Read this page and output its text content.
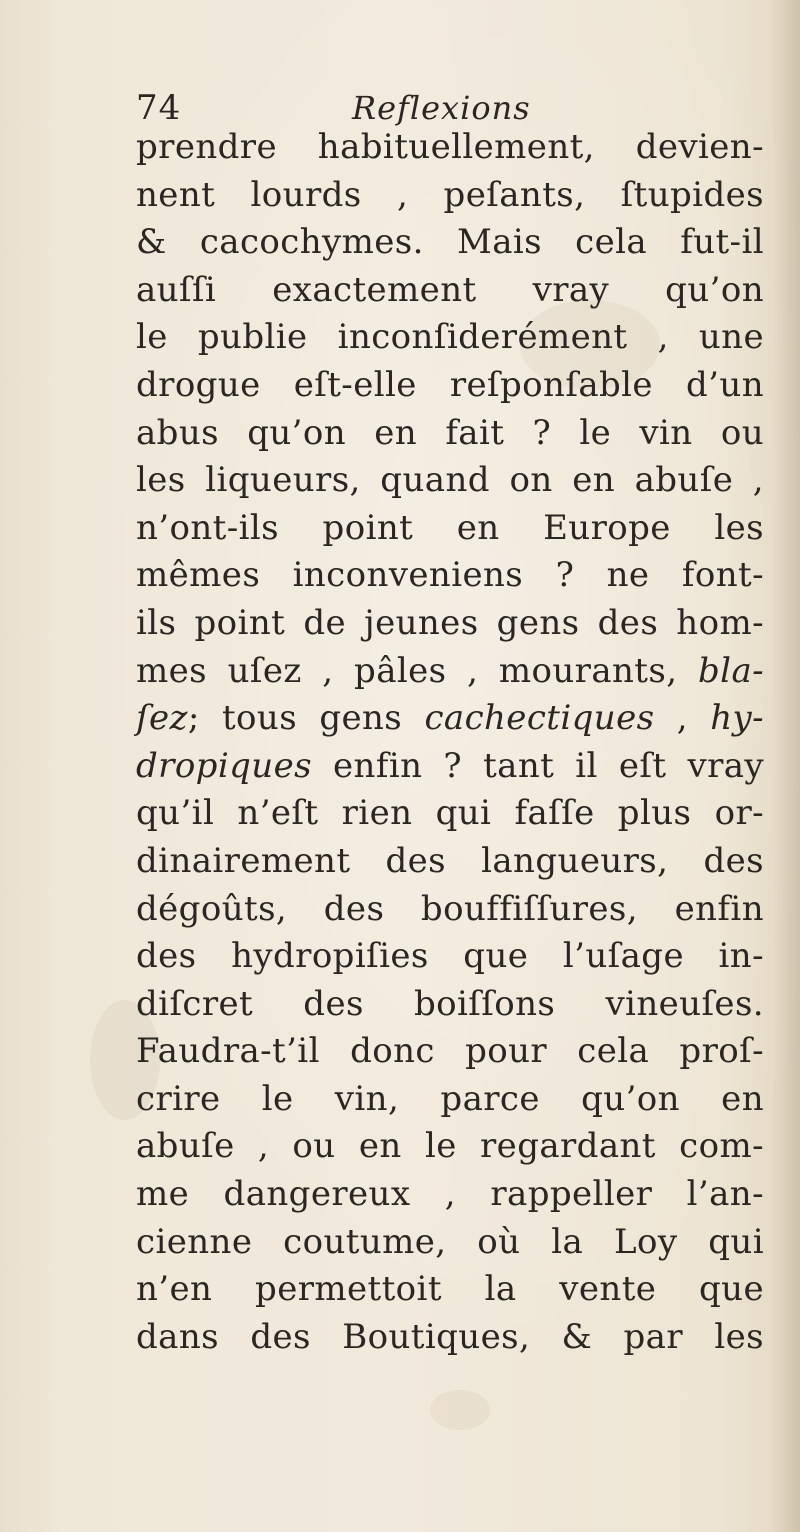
74	Reflexions
prendre habituellement, devien-
nent lourds , peſants, ſtupides
& cacochymes. Mais cela fut-il
auſſi exactement vray qu’on
le publie inconſiderément , une
drogue eſt-elle reſponſable d’un
abus qu’on en fait ? le vin ou
les liqueurs, quand on en abuſe ,
n’ont-ils point en Europe les
mêmes inconveniens ? ne font-
ils point de jeunes gens des hom-
mes uſez , pâles , mourants, bla-
ſez; tous gens cachectiques , hy-
dropiques enfin ? tant il eſt vray
qu’il n’eſt rien qui faſſe plus or-
dinairement des langueurs, des
dégoûts, des bouffiſſures, enfin
des hydropiſies que l’uſage in-
diſcret des boiſſons vineuſes.
Faudra-t’il donc pour cela proſ-
crire le vin, parce qu’on en
abuſe , ou en le regardant com-
me dangereux , rappeller l’an-
cienne coutume, où la Loy qui
n’en permettoit la vente que
dans des Boutiques, & par les
